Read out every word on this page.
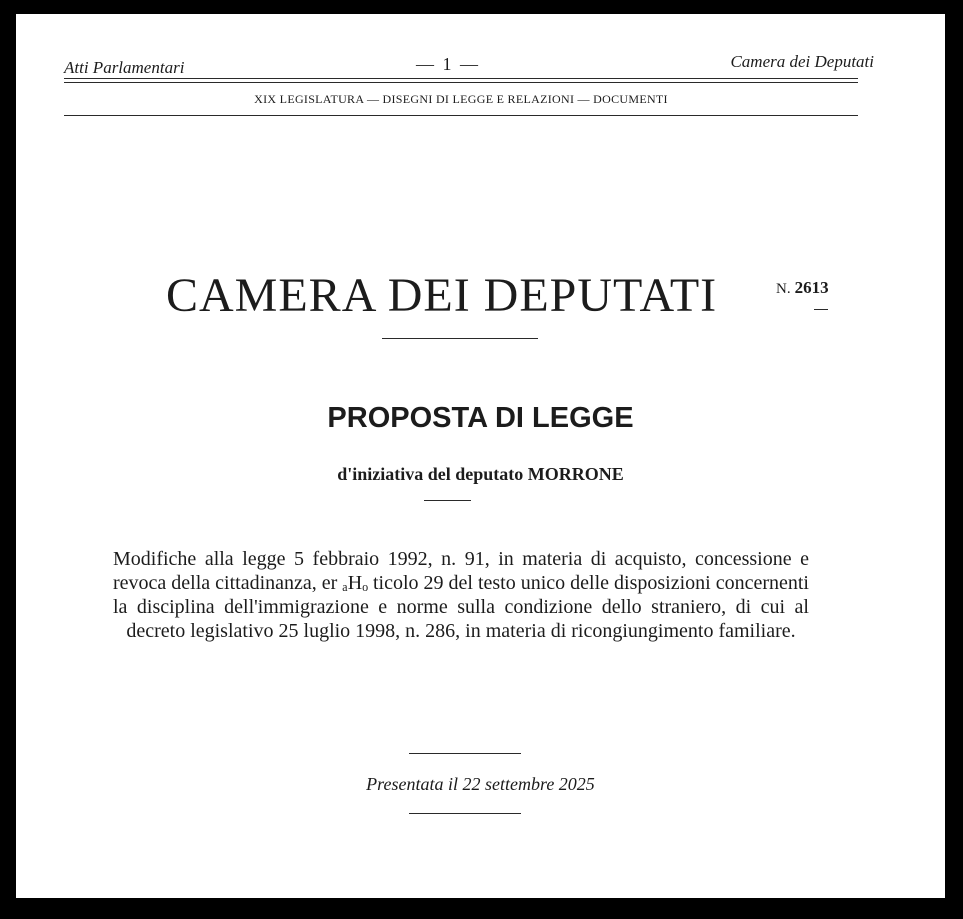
Atti Parlamentari	— 1 —	Camera dei Deputati
XIX LEGISLATURA — DISEGNI DI LEGGE E RELAZIONI — DOCUMENTI
CAMERA DEI DEPUTATI	N. 2613
PROPOSTA DI LEGGE
d'iniziativa del deputato MORRONE
Modifiche alla legge 5 febbraio 1992, n. 91, in materia di acquisto, concessione e revoca della cittadinanza, er ₐHₒ ticolo 29 del testo unico delle disposizioni concernenti la disciplina dell'immigrazione e norme sulla condizione dello straniero, di cui al decreto legislativo 25 luglio 1998, n. 286, in materia di ricongiungimento familiare.
Presentata il 22 settembre 2025
